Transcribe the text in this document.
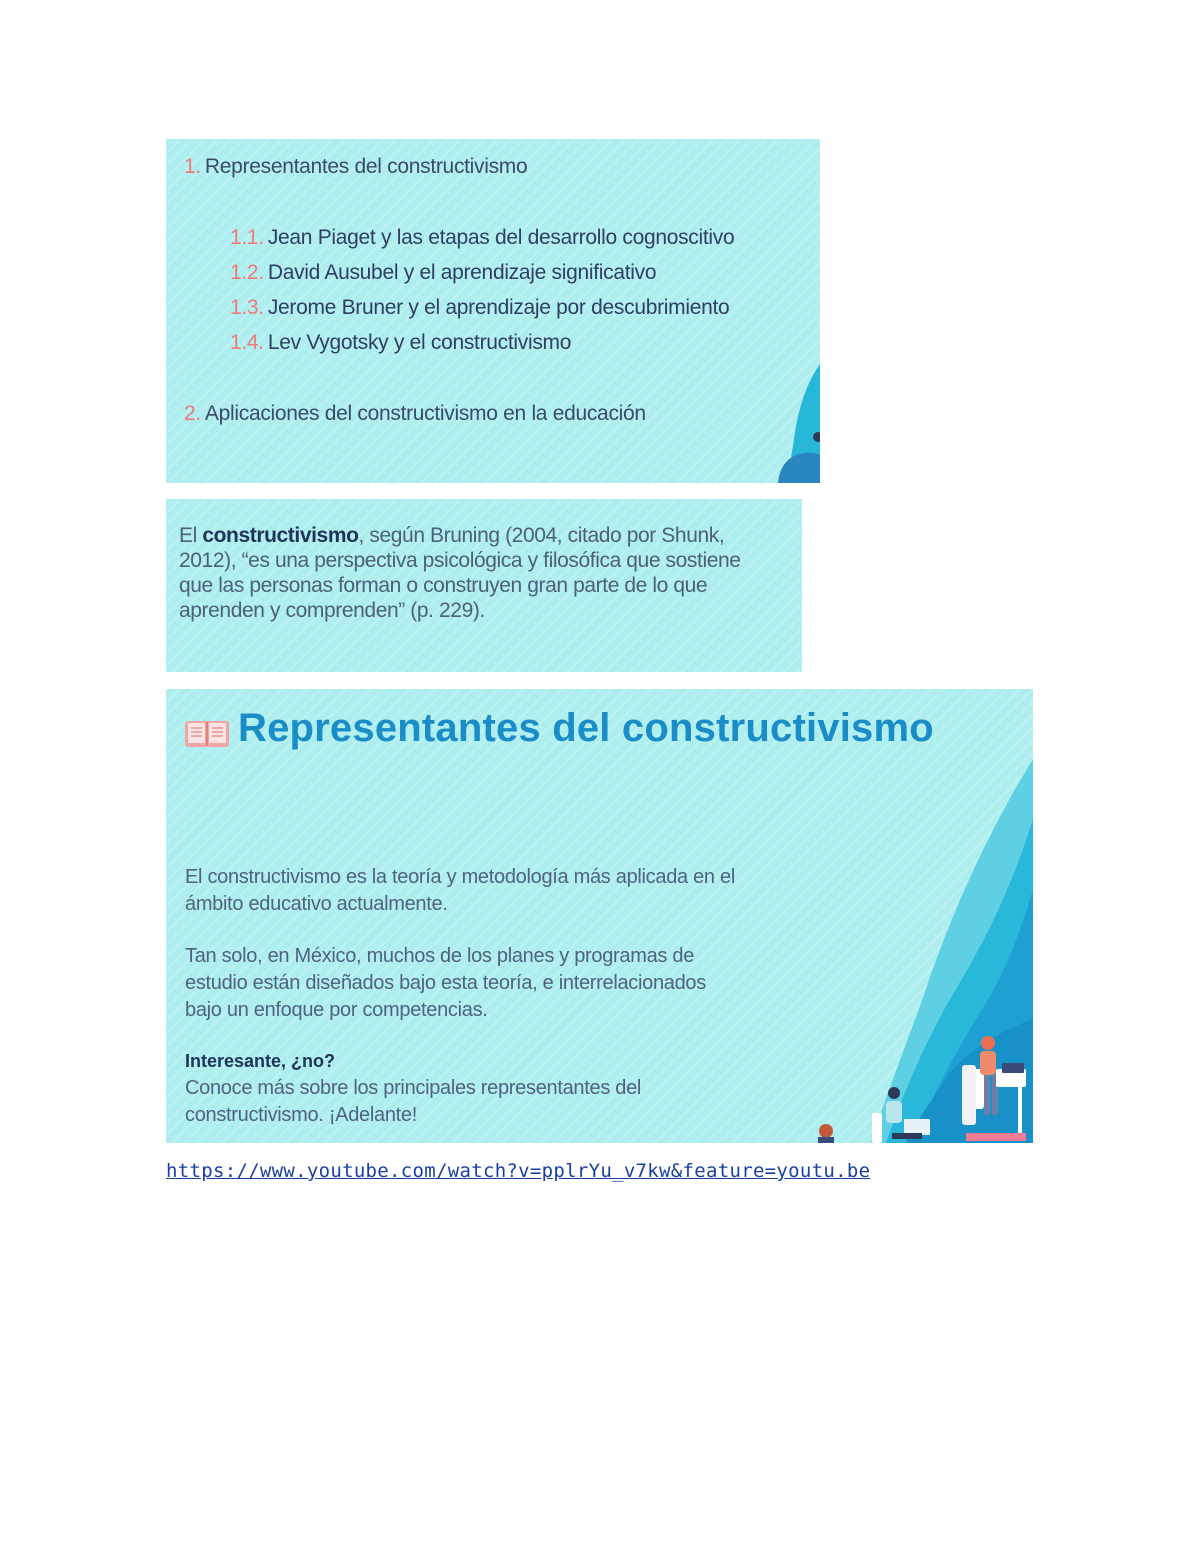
1. Representantes del constructivismo
1.1. Jean Piaget y las etapas del desarrollo cognoscitivo
1.2. David Ausubel y el aprendizaje significativo
1.3. Jerome Bruner y el aprendizaje por descubrimiento
1.4. Lev Vygotsky y el constructivismo
2. Aplicaciones del constructivismo en la educación
El constructivismo, según Bruning (2004, citado por Shunk, 2012), “es una perspectiva psicológica y filosófica que sostiene que las personas forman o construyen gran parte de lo que aprenden y comprenden” (p. 229).
Representantes del constructivismo
El constructivismo es la teoría y metodología más aplicada en el ámbito educativo actualmente.
Tan solo, en México, muchos de los planes y programas de estudio están diseñados bajo esta teoría, e interrelacionados bajo un enfoque por competencias.
Interesante, ¿no?
Conoce más sobre los principales representantes del constructivismo. ¡Adelante!
https://www.youtube.com/watch?v=pplrYu_v7kw&feature=youtu.be
